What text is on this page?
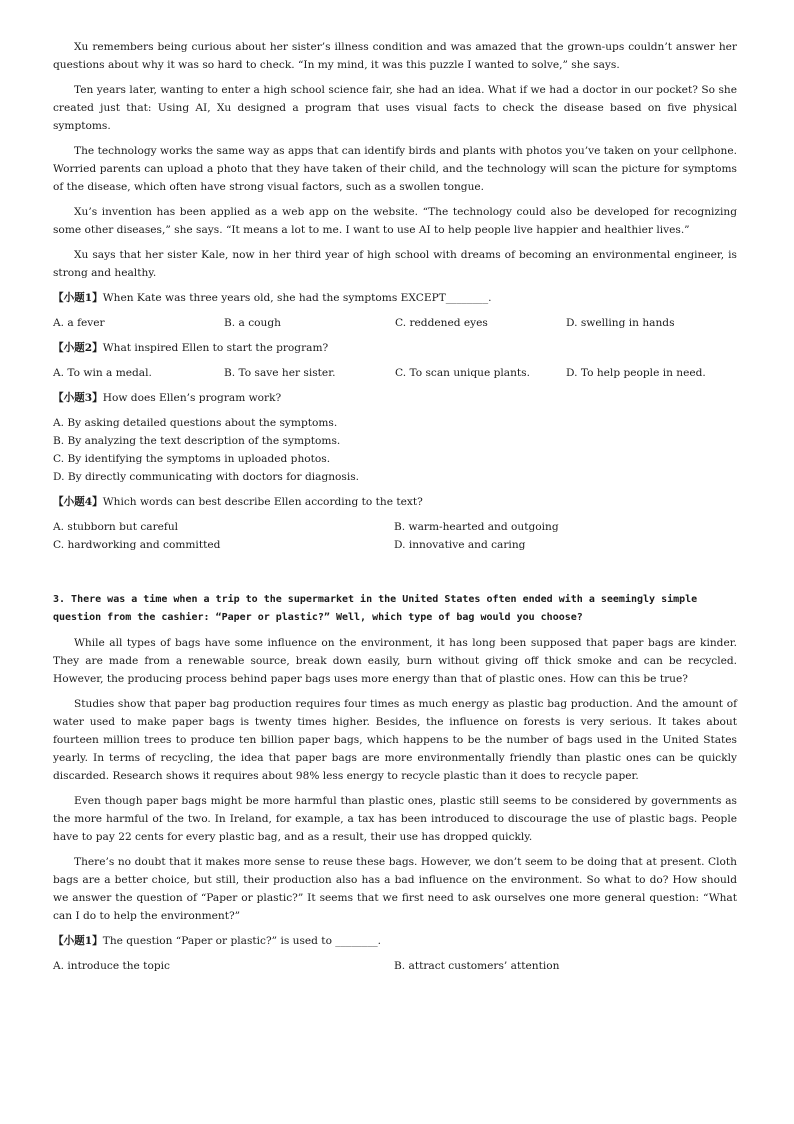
Xu remembers being curious about her sister’s illness condition and was amazed that the grown-ups couldn’t answer her questions about why it was so hard to check. “In my mind, it was this puzzle I wanted to solve,” she says.

Ten years later, wanting to enter a high school science fair, she had an idea. What if we had a doctor in our pocket? So she created just that: Using AI, Xu designed a program that uses visual facts to check the disease based on five physical symptoms.

The technology works the same way as apps that can identify birds and plants with photos you’ve taken on your cellphone. Worried parents can upload a photo that they have taken of their child, and the technology will scan the picture for symptoms of the disease, which often have strong visual factors, such as a swollen tongue.

Xu’s invention has been applied as a web app on the website. “The technology could also be developed for recognizing some other diseases,” she says. “It means a lot to me. I want to use AI to help people live happier and healthier lives.”

Xu says that her sister Kale, now in her third year of high school with dreams of becoming an environmental engineer, is strong and healthy.

【小题1】When Kate was three years old, she had the symptoms EXCEPT________.

A. a fever	B. a cough	C. reddened eyes	D. swelling in hands

【小题2】What inspired Ellen to start the program?

A. To win a medal.	B. To save her sister.	C. To scan unique plants.	D. To help people in need.

【小题3】How does Ellen’s program work?

A. By asking detailed questions about the symptoms.
B. By analyzing the text description of the symptoms.
C. By identifying the symptoms in uploaded photos.
D. By directly communicating with doctors for diagnosis.

【小题4】Which words can best describe Ellen according to the text?

A. stubborn but careful	B. warm-hearted and outgoing
C. hardworking and committed	D. innovative and caring
3. There was a time when a trip to the supermarket in the United States often ended with a seemingly simple
question from the cashier: “Paper or plastic?” Well, which type of bag would you choose?

While all types of bags have some influence on the environment, it has long been supposed that paper bags are kinder. They are made from a renewable source, break down easily, burn without giving off thick smoke and can be recycled. However, the producing process behind paper bags uses more energy than that of plastic ones. How can this be true?

Studies show that paper bag production requires four times as much energy as plastic bag production. And the amount of water used to make paper bags is twenty times higher. Besides, the influence on forests is very serious. It takes about fourteen million trees to produce ten billion paper bags, which happens to be the number of bags used in the United States yearly. In terms of recycling, the idea that paper bags are more environmentally friendly than plastic ones can be quickly discarded. Research shows it requires about 98% less energy to recycle plastic than it does to recycle paper.

Even though paper bags might be more harmful than plastic ones, plastic still seems to be considered by governments as the more harmful of the two. In Ireland, for example, a tax has been introduced to discourage the use of plastic bags. People have to pay 22 cents for every plastic bag, and as a result, their use has dropped quickly.

There’s no doubt that it makes more sense to reuse these bags. However, we don’t seem to be doing that at present. Cloth bags are a better choice, but still, their production also has a bad influence on the environment. So what to do? How should we answer the question of “Paper or plastic?” It seems that we first need to ask ourselves one more general question: “What can I do to help the environment?”

【小题1】The question “Paper or plastic?” is used to ________.

A. introduce the topic	B. attract customers’ attention
